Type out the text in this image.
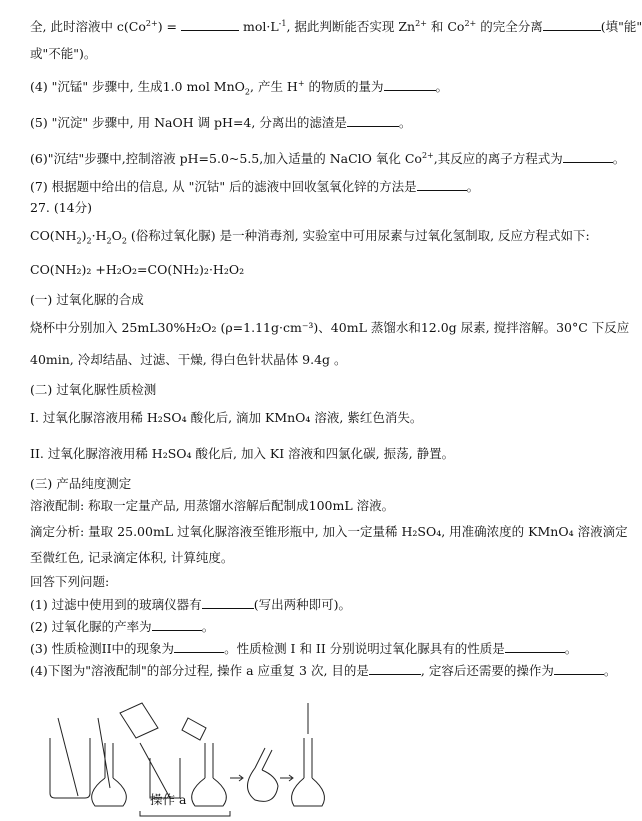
全, 此时溶液中 $c(Co^{2+})$ =	$mol\cdot L^{-1}$, 据此判断能否实现 $Zn^{2+}$ 和 $Co^{2+}$ 的完全分离	(填"能"
或"不能")。
(4) "沉锰" 步骤中, 生成1.0 mol MnO$_2$, 产生 H+ 的物质的量为	。
(5) "沉淀" 步骤中, 用 NaOH 调 pH=4, 分离出的滤渣是	。
(6)"沉结"步骤中,控制溶液 pH=5.0~5.5,加入适量的 NaClO 氧化 $Co^{2+}$,其反应的离子方程式为	。
(7) 根据题中给出的信息, 从 "沉钴" 后的滤液中回收氢氧化锌的方法是	。
27. (14分)
$CO(NH_2)_2\cdot H_2O_2$ (俗称过氧化脲) 是一种消毒剂, 实验室中可用尿素与过氧化氢制取, 反应方程式如下:
CO(NH₂)₂ +H₂O₂=CO(NH₂)₂·H₂O₂
(一) 过氧化脲的合成
烧杯中分别加入 25mL30%H₂O₂ (ρ=1.11g·cm⁻³)、40mL 蒸馏水和12.0g 尿素, 搅拌溶解。30°C 下反应
40min, 冷却结晶、过滤、干燥, 得白色针状晶体 9.4g 。
(二) 过氧化脲性质检测
I. 过氧化脲溶液用稀 H₂SO₄ 酸化后, 滴加 KMnO₄ 溶液, 紫红色消失。
II. 过氧化脲溶液用稀 H₂SO₄ 酸化后, 加入 KI 溶液和四氯化碳, 振荡, 静置。
(三) 产品纯度测定
溶液配制: 称取一定量产品, 用蒸馏水溶解后配制成100mL 溶液。
滴定分析: 量取 25.00mL 过氧化脲溶液至锥形瓶中, 加入一定量稀 H₂SO₄, 用准确浓度的 KMnO₄ 溶液滴定
至微红色, 记录滴定体积, 计算纯度。
回答下列问题:
(1) 过滤中使用到的玻璃仪器有	(写出两种即可)。
(2) 过氧化脲的产率为	。
(3) 性质检测II中的现象为	。性质检测 I 和 II 分别说明过氧化脲具有的性质是	。
(4)下图为"溶液配制"的部分过程, 操作 a 应重复 3 次, 目的是	, 定容后还需要的操作为	。
操作 a
